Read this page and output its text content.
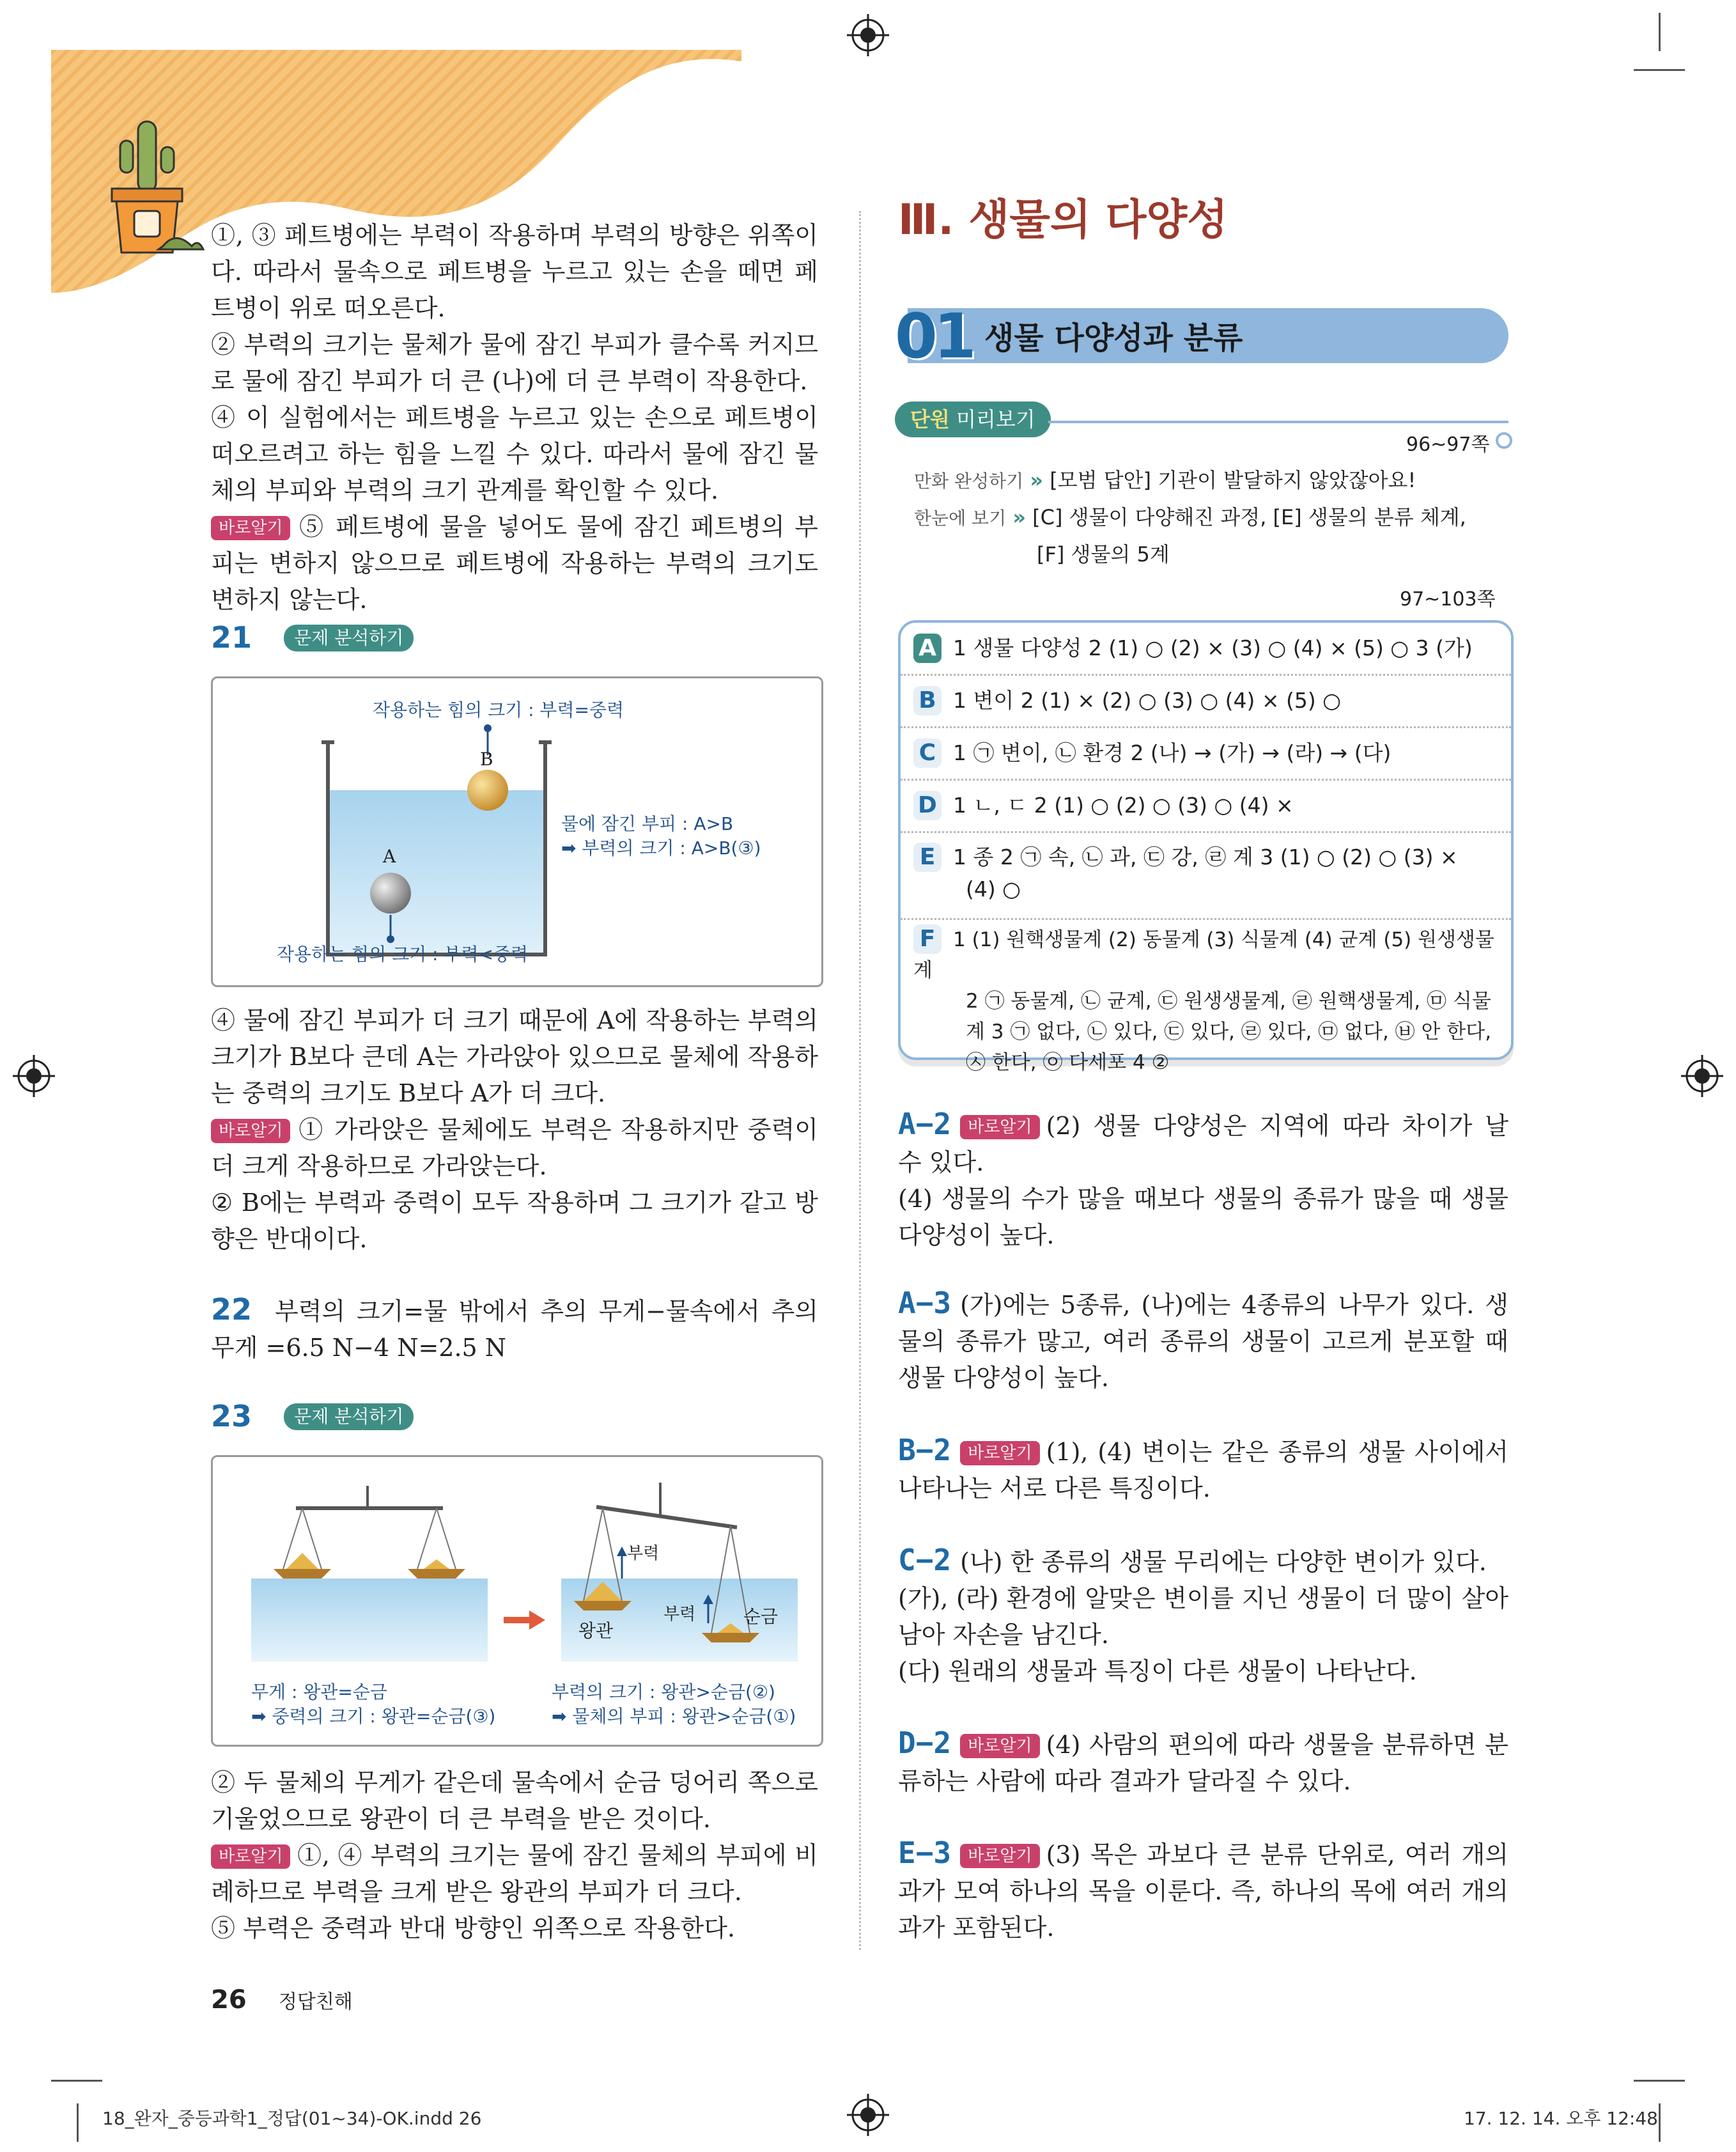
①, ③ 페트병에는 부력이 작용하며 부력의 방향은 위쪽이다. 따라서 물속으로 페트병을 누르고 있는 손을 떼면 페트병이 위로 떠오른다.

② 부력의 크기는 물체가 물에 잠긴 부피가 클수록 커지므로 물에 잠긴 부피가 더 큰 (나)에 더 큰 부력이 작용한다.

④ 이 실험에서는 페트병을 누르고 있는 손으로 페트병이 떠오르려고 하는 힘을 느낄 수 있다. 따라서 물에 잠긴 물체의 부피와 부력의 크기 관계를 확인할 수 있다.

바로알기 ⑤ 페트병에 물을 넣어도 물에 잠긴 페트병의 부피는 변하지 않으므로 페트병에 작용하는 부력의 크기도 변하지 않는다.

21 문제 분석하기
작용하는 힘의 크기 : 부력=중력
B
A
물에 잠긴 부피 : A>B
➡ 부력의 크기 : A>B(③)
작용하는 힘의 크기 : 부력<중력

④ 물에 잠긴 부피가 더 크기 때문에 A에 작용하는 부력의 크기가 B보다 큰데 A는 가라앉아 있으므로 물체에 작용하는 중력의 크기도 B보다 A가 더 크다.

바로알기 ① 가라앉은 물체에도 부력은 작용하지만 중력이 더 크게 작용하므로 가라앉는다.

② B에는 부력과 중력이 모두 작용하며 그 크기가 같고 방향은 반대이다.

22 부력의 크기=물 밖에서 추의 무게−물속에서 추의 무게 =6.5 N−4 N=2.5 N

23 문제 분석하기
부력
부력
왕관
순금
무게 : 왕관=순금
➡ 중력의 크기 : 왕관=순금(③)
부력의 크기 : 왕관>순금(②)
➡ 물체의 부피 : 왕관>순금(①)

② 두 물체의 무게가 같은데 물속에서 순금 덩어리 쪽으로 기울었으므로 왕관이 더 큰 부력을 받은 것이다.

바로알기 ①, ④ 부력의 크기는 물에 잠긴 물체의 부피에 비례하므로 부력을 크게 받은 왕관의 부피가 더 크다.

⑤ 부력은 중력과 반대 방향인 위쪽으로 작용한다.

26 정답친해
Ⅲ. 생물의 다양성
01 생물 다양성과 분류
단원 미리보기
96~97쪽
만화 완성하기 » [모범 답안] 기관이 발달하지 않았잖아요!
한눈에 보기 » [C] 생물이 다양해진 과정, [E] 생물의 분류 체계,
[F] 생물의 5계
97~103쪽
A 1 생물 다양성 2 (1) ○ (2) × (3) ○ (4) × (5) ○ 3 (가)
B 1 변이 2 (1) × (2) ○ (3) ○ (4) × (5) ○
C 1 ㉠ 변이, ㉡ 환경 2 (나) → (가) → (라) → (다)
D 1 ㄴ, ㄷ 2 (1) ○ (2) ○ (3) ○ (4) ×
E 1 종 2 ㉠ 속, ㉡ 과, ㉢ 강, ㉣ 계 3 (1) ○ (2) ○ (3) ×
(4) ○
F 1 (1) 원핵생물계 (2) 동물계 (3) 식물계 (4) 균계 (5) 원생생물계
2 ㉠ 동물계, ㉡ 균계, ㉢ 원생생물계, ㉣ 원핵생물계, ㉤ 식물
계 3 ㉠ 없다, ㉡ 있다, ㉢ 있다, ㉣ 있다, ㉤ 없다, ㉥ 안 한다,
㉦ 한다, ㉧ 다세포 4 ②

A−2 바로알기 (2) 생물 다양성은 지역에 따라 차이가 날 수 있다.

(4) 생물의 수가 많을 때보다 생물의 종류가 많을 때 생물 다양성이 높다.

A−3 (가)에는 5종류, (나)에는 4종류의 나무가 있다. 생물의 종류가 많고, 여러 종류의 생물이 고르게 분포할 때 생물 다양성이 높다.

B−2 바로알기 (1), (4) 변이는 같은 종류의 생물 사이에서 나타나는 서로 다른 특징이다.

C−2 (나) 한 종류의 생물 무리에는 다양한 변이가 있다.

(가), (라) 환경에 알맞은 변이를 지닌 생물이 더 많이 살아남아 자손을 남긴다.

(다) 원래의 생물과 특징이 다른 생물이 나타난다.

D−2 바로알기 (4) 사람의 편의에 따라 생물을 분류하면 분류하는 사람에 따라 결과가 달라질 수 있다.

E−3 바로알기 (3) 목은 과보다 큰 분류 단위로, 여러 개의 과가 모여 하나의 목을 이룬다. 즉, 하나의 목에 여러 개의 과가 포함된다.

18_완자_중등과학1_정답(01~34)-OK.indd 26	17. 12. 14. 오후 12:48
